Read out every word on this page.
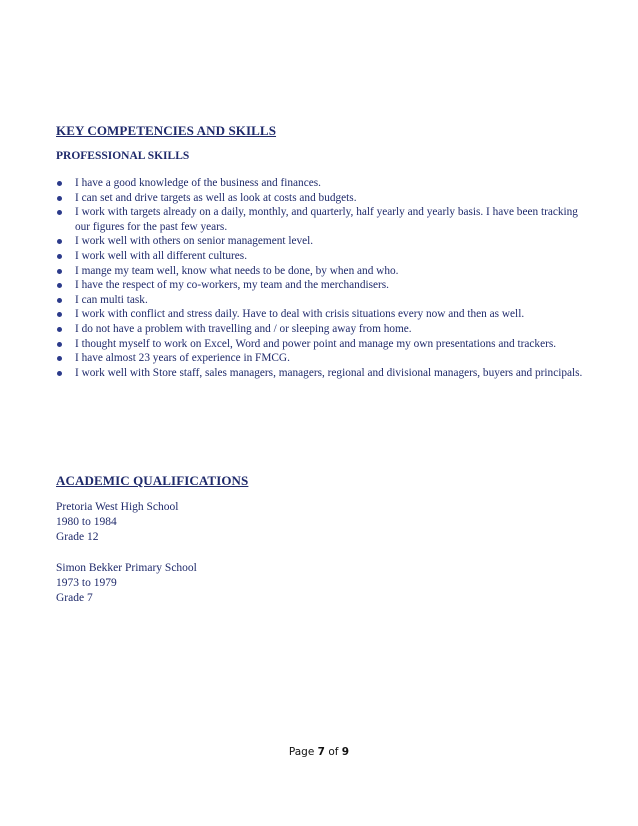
KEY COMPETENCIES AND SKILLS
PROFESSIONAL SKILLS
I have a good knowledge of the business and finances.
I can set and drive targets as well as look at costs and budgets.
I work with targets already on a daily, monthly, and quarterly, half yearly and yearly basis. I have been tracking our figures for the past few years.
I work well with others on senior management level.
I work well with all different cultures.
I mange my team well, know what needs to be done, by when and who.
I have the respect of my co-workers, my team and the merchandisers.
I can multi task.
I work with conflict and stress daily. Have to deal with crisis situations every now and then as well.
I do not have a problem with travelling and / or sleeping away from home.
I thought myself to work on Excel, Word and power point and manage my own presentations and trackers.
I have almost 23 years of experience in FMCG.
I work well with Store staff, sales managers, managers, regional and divisional managers, buyers and principals.
ACADEMIC QUALIFICATIONS
Pretoria West High School
1980 to 1984
Grade 12
Simon Bekker Primary School
1973 to 1979
Grade 7
Page 7 of 9
